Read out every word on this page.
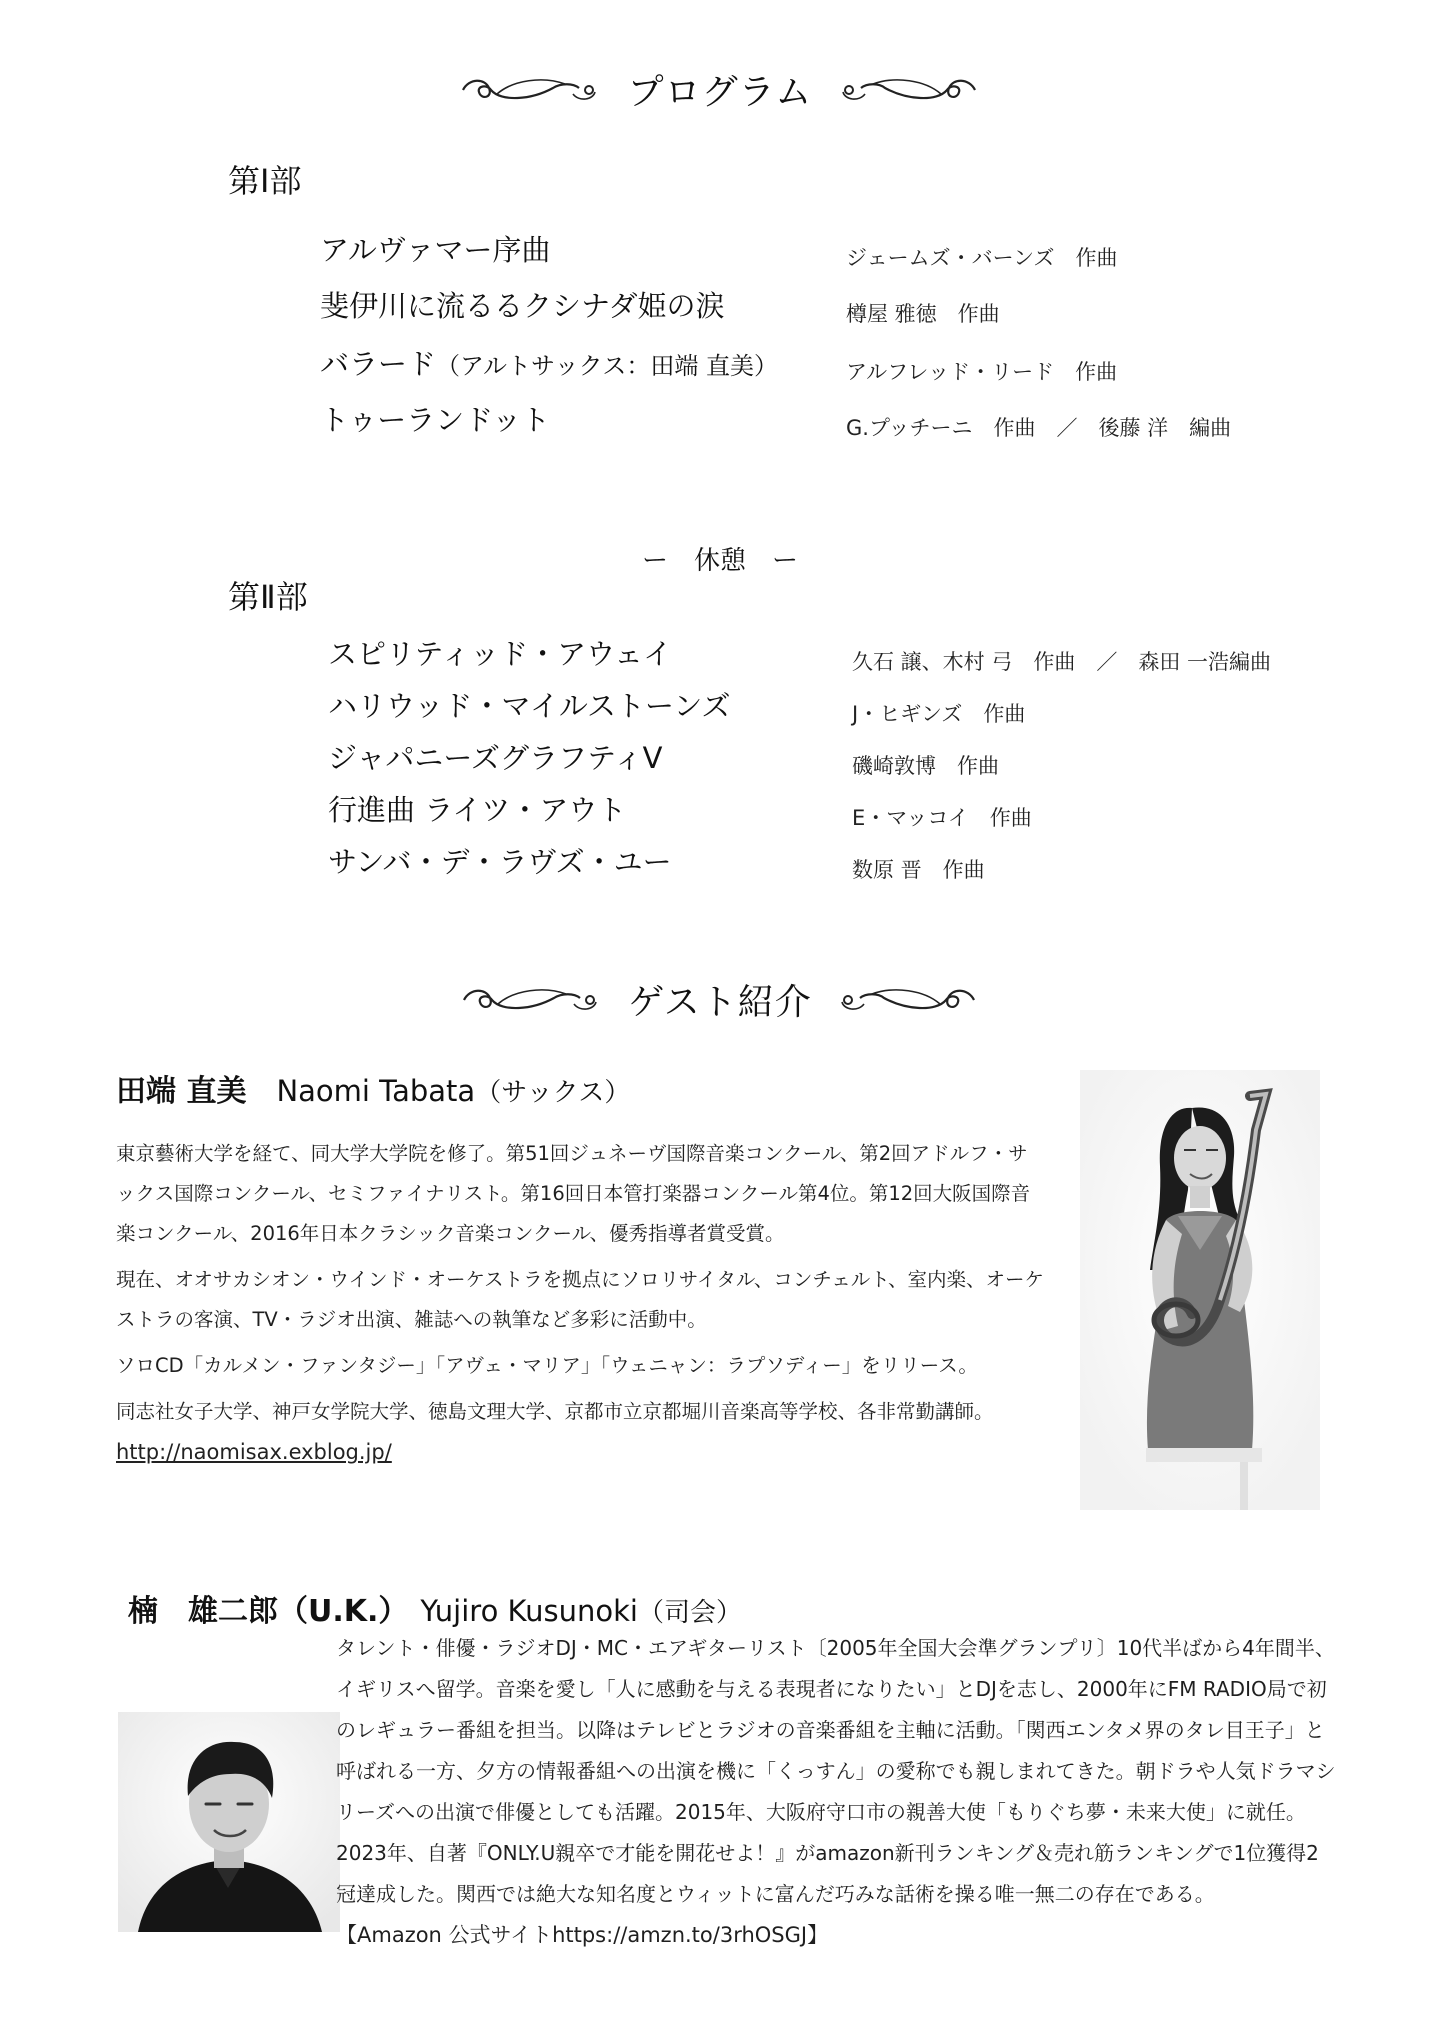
プログラム
第Ⅰ部
アルヴァマー序曲	ジェームズ・バーンズ　作曲
斐伊川に流るるクシナダ姫の涙	樽屋 雅徳　作曲
バラード（アルトサックス：田端 直美）	アルフレッド・リード　作曲
トゥーランドット	G.プッチーニ　作曲　／　後藤 洋　編曲
ー　休憩　ー
第Ⅱ部
スピリティッド・アウェイ	久石 譲、木村 弓　作曲　／　森田 一浩編曲
ハリウッド・マイルストーンズ	J・ヒギンズ　作曲
ジャパニーズグラフティⅤ	磯崎敦博　作曲
行進曲 ライツ・アウト	E・マッコイ　作曲
サンバ・デ・ラヴズ・ユー	数原 晋　作曲
ゲスト紹介
田端 直美 Naomi Tabata（サックス）

東京藝術大学を経て、同大学大学院を修了。第51回ジュネーヴ国際音楽コンクール、第2回アドルフ・サックス国際コンクール、セミファイナリスト。第16回日本管打楽器コンクール第4位。第12回大阪国際音楽コンクール、2016年日本クラシック音楽コンクール、優秀指導者賞受賞。

現在、オオサカシオン・ウインド・オーケストラを拠点にソロリサイタル、コンチェルト、室内楽、オーケストラの客演、TV・ラジオ出演、雑誌への執筆など多彩に活動中。

ソロCD「カルメン・ファンタジー」「アヴェ・マリア」「ウェニャン：ラプソディー」をリリース。

同志社女子大学、神戸女学院大学、徳島文理大学、京都市立京都堀川音楽高等学校、各非常勤講師。

http://naomisax.exblog.jp/
楠　雄二郎（U.K.） Yujiro Kusunoki（司会）
タレント・俳優・ラジオDJ・MC・エアギターリスト〔2005年全国大会準グランプリ〕10代半ばから4年間半、イギリスへ留学。音楽を愛し「人に感動を与える表現者になりたい」とDJを志し、2000年にFM RADIO局で初のレギュラー番組を担当。以降はテレビとラジオの音楽番組を主軸に活動。「関西エンタメ界のタレ目王子」と呼ばれる一方、夕方の情報番組への出演を機に「くっすん」の愛称でも親しまれてきた。朝ドラや人気ドラマシリーズへの出演で俳優としても活躍。2015年、大阪府守口市の親善大使「もりぐち夢・未来大使」に就任。2023年、自著『ONLY.U親卒で才能を開花せよ！』がamazon新刊ランキング＆売れ筋ランキングで1位獲得2冠達成した。関西では絶大な知名度とウィットに富んだ巧みな話術を操る唯一無二の存在である。【Amazon 公式サイトhttps://amzn.to/3rhOSGJ】
